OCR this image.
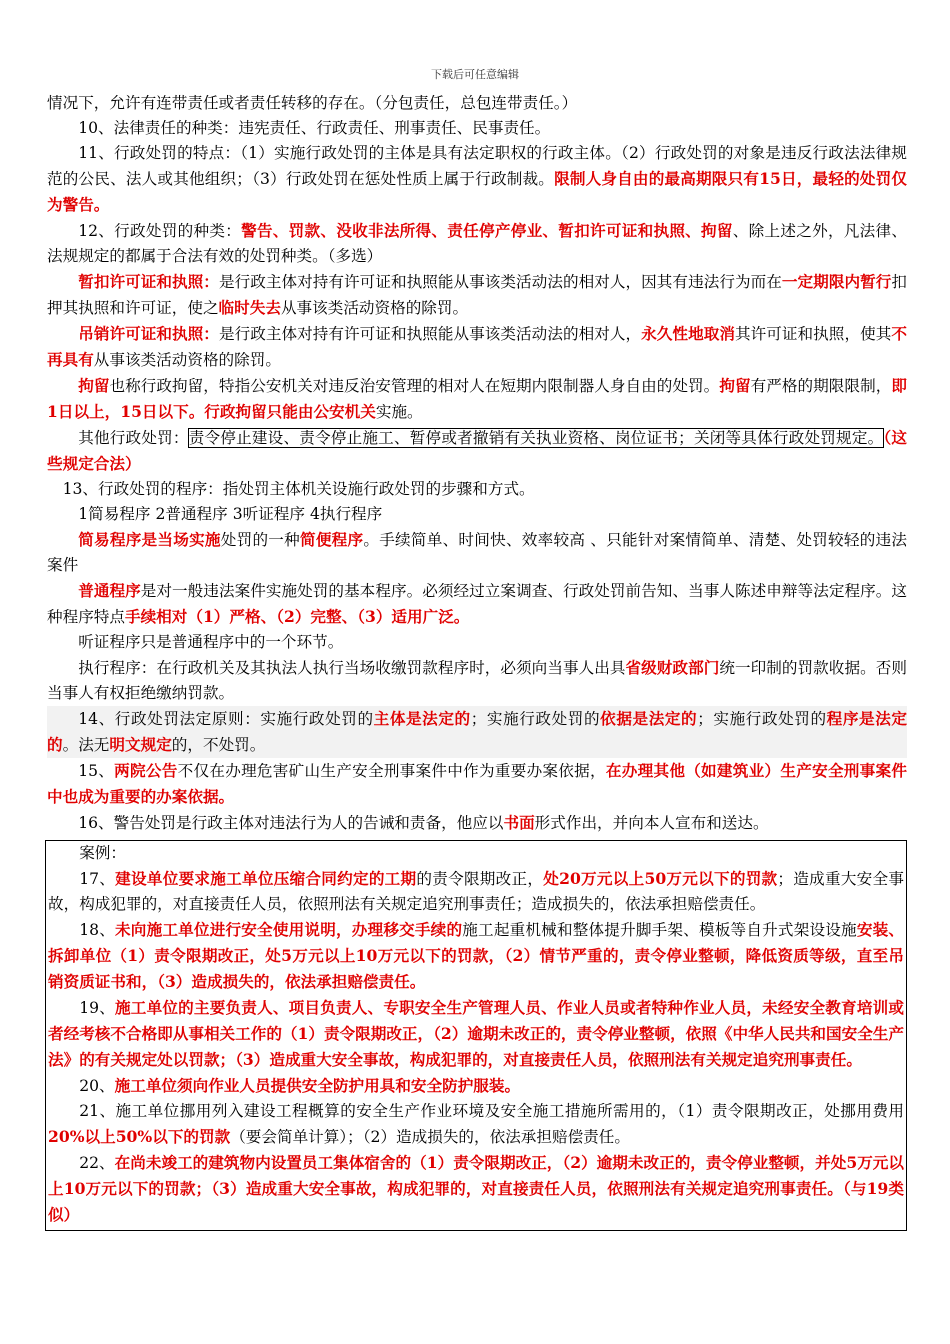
下载后可任意编辑

情况下，允许有连带责任或者责任转移的存在。（分包责任，总包连带责任。）

10、法律责任的种类：违宪责任、行政责任、刑事责任、民事责任。

11、行政处罚的特点：（1）实施行政处罚的主体是具有法定职权的行政主体。（2）行政处罚的对象是违反行政法法律规范的公民、法人或其他组织；（3）行政处罚在惩处性质上属于行政制裁。限制人身自由的最高期限只有15日，最轻的处罚仅为警告。

12、行政处罚的种类：警告、罚款、没收非法所得、责任停产停业、暂扣许可证和执照、拘留、除上述之外，凡法律、法规规定的都属于合法有效的处罚种类。（多选）

暂扣许可证和执照：是行政主体对持有许可证和执照能从事该类活动法的相对人，因其有违法行为而在一定期限内暂行扣押其执照和许可证，使之临时失去从事该类活动资格的除罚。

吊销许可证和执照：是行政主体对持有许可证和执照能从事该类活动法的相对人，永久性地取消其许可证和执照，使其不再具有从事该类活动资格的除罚。

拘留也称行政拘留，特指公安机关对违反治安管理的相对人在短期内限制器人身自由的处罚。拘留有严格的期限限制，即1日以上，15日以下。行政拘留只能由公安机关实施。

其他行政处罚：责令停止建设、责令停止施工、暂停或者撤销有关执业资格、岗位证书；关闭等具体行政处罚规定。（这些规定合法）

13、行政处罚的程序：指处罚主体机关设施行政处罚的步骤和方式。

1简易程序 2普通程序 3听证程序 4执行程序

简易程序是当场实施处罚的一种简便程序。手续简单、时间快、效率较高 、只能针对案情简单、清楚、处罚较轻的违法案件

普通程序是对一般违法案件实施处罚的基本程序。必须经过立案调查、行政处罚前告知、当事人陈述申辩等法定程序。这种程序特点手续相对（1）严格、（2）完整、（3）适用广泛。

听证程序只是普通程序中的一个环节。

执行程序：在行政机关及其执法人执行当场收缴罚款程序时，必须向当事人出具省级财政部门统一印制的罚款收据。否则当事人有权拒绝缴纳罚款。

14、行政处罚法定原则：实施行政处罚的主体是法定的；实施行政处罚的依据是法定的；实施行政处罚的程序是法定的。法无明文规定的，不处罚。

15、两院公告不仅在办理危害矿山生产安全刑事案件中作为重要办案依据，在办理其他（如建筑业）生产安全刑事案件中也成为重要的办案依据。

16、警告处罚是行政主体对违法行为人的告诫和责备，他应以书面形式作出，并向本人宣布和送达。

案例：

17、建设单位要求施工单位压缩合同约定的工期的责令限期改正，处20万元以上50万元以下的罚款；造成重大安全事故，构成犯罪的，对直接责任人员，依照刑法有关规定追究刑事责任；造成损失的，依法承担赔偿责任。

18、未向施工单位进行安全使用说明，办理移交手续的施工起重机械和整体提升脚手架、模板等自升式架设设施安装、拆卸单位（1）责令限期改正，处5万元以上10万元以下的罚款，（2）情节严重的，责令停业整顿，降低资质等级，直至吊销资质证书和，（3）造成损失的，依法承担赔偿责任。

19、施工单位的主要负责人、项目负责人、专职安全生产管理人员、作业人员或者特种作业人员，未经安全教育培训或者经考核不合格即从事相关工作的（1）责令限期改正，（2）逾期未改正的，责令停业整顿，依照《中华人民共和国安全生产法》的有关规定处以罚款；（3）造成重大安全事故，构成犯罪的，对直接责任人员，依照刑法有关规定追究刑事责任。

20、施工单位须向作业人员提供安全防护用具和安全防护服装。

21、施工单位挪用列入建设工程概算的安全生产作业环境及安全施工措施所需用的，（1）责令限期改正，处挪用费用20%以上50%以下的罚款（要会简单计算）；（2）造成损失的，依法承担赔偿责任。

22、在尚未竣工的建筑物内设置员工集体宿舍的（1）责令限期改正，（2）逾期未改正的，责令停业整顿，并处5万元以上10万元以下的罚款；（3）造成重大安全事故，构成犯罪的，对直接责任人员，依照刑法有关规定追究刑事责任。（与19类似）
